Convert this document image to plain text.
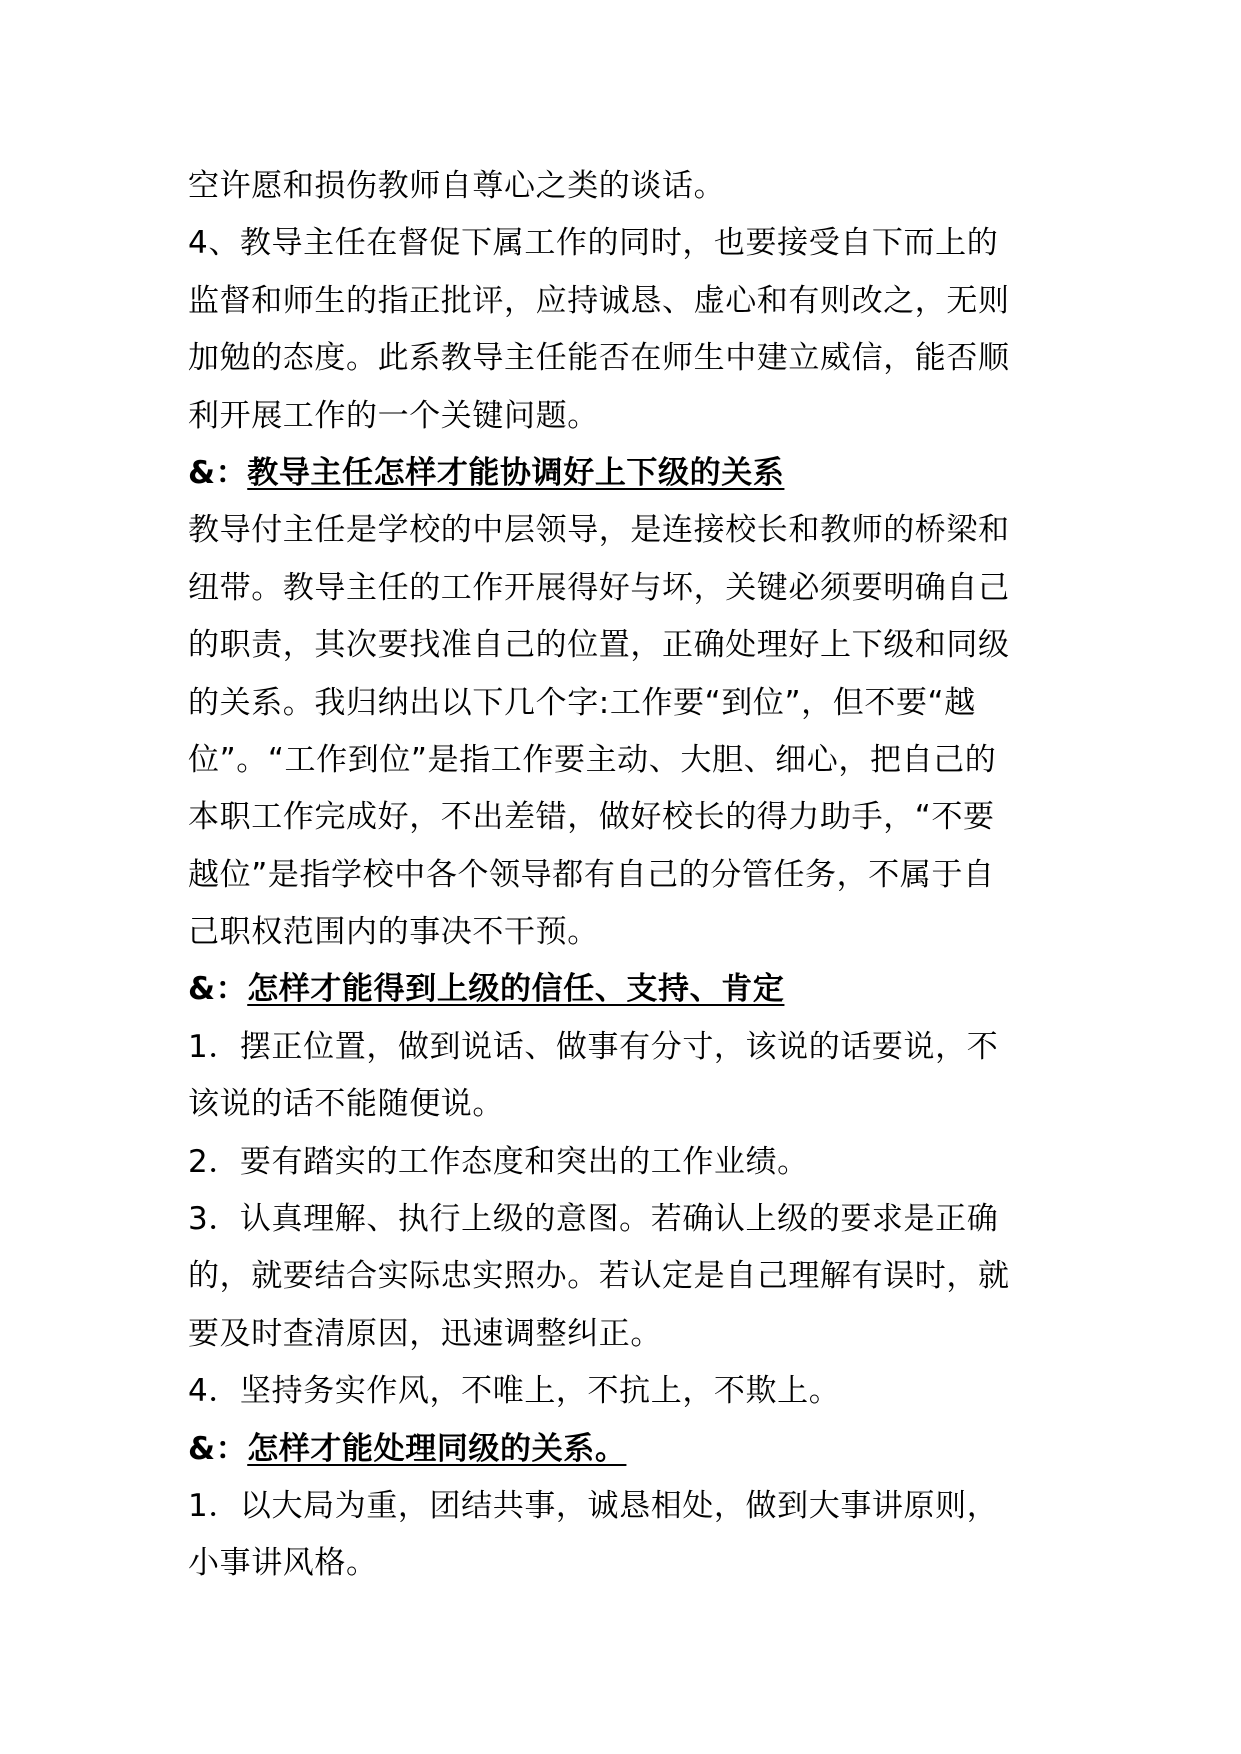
空许愿和损伤教师自尊心之类的谈话。
4、教导主任在督促下属工作的同时，也要接受自下而上的
监督和师生的指正批评，应持诚恳、虚心和有则改之，无则
加勉的态度。此系教导主任能否在师生中建立威信，能否顺
利开展工作的一个关键问题。
&：教导主任怎样才能协调好上下级的关系
教导付主任是学校的中层领导，是连接校长和教师的桥梁和
纽带。教导主任的工作开展得好与坏，关键必须要明确自己
的职责，其次要找准自己的位置，正确处理好上下级和同级
的关系。我归纳出以下几个字:工作要“到位”，但不要“越
位”。“工作到位”是指工作要主动、大胆、细心，把自己的
本职工作完成好，不出差错，做好校长的得力助手，“不要
越位”是指学校中各个领导都有自己的分管任务，不属于自
己职权范围内的事决不干预。
&：怎样才能得到上级的信任、支持、肯定
1．摆正位置，做到说话、做事有分寸，该说的话要说，不
该说的话不能随便说。
2．要有踏实的工作态度和突出的工作业绩。
3．认真理解、执行上级的意图。若确认上级的要求是正确
的，就要结合实际忠实照办。若认定是自己理解有误时，就
要及时查清原因，迅速调整纠正。
4．坚持务实作风，不唯上，不抗上，不欺上。
&：怎样才能处理同级的关系。
1．以大局为重，团结共事，诚恳相处，做到大事讲原则，
小事讲风格。
